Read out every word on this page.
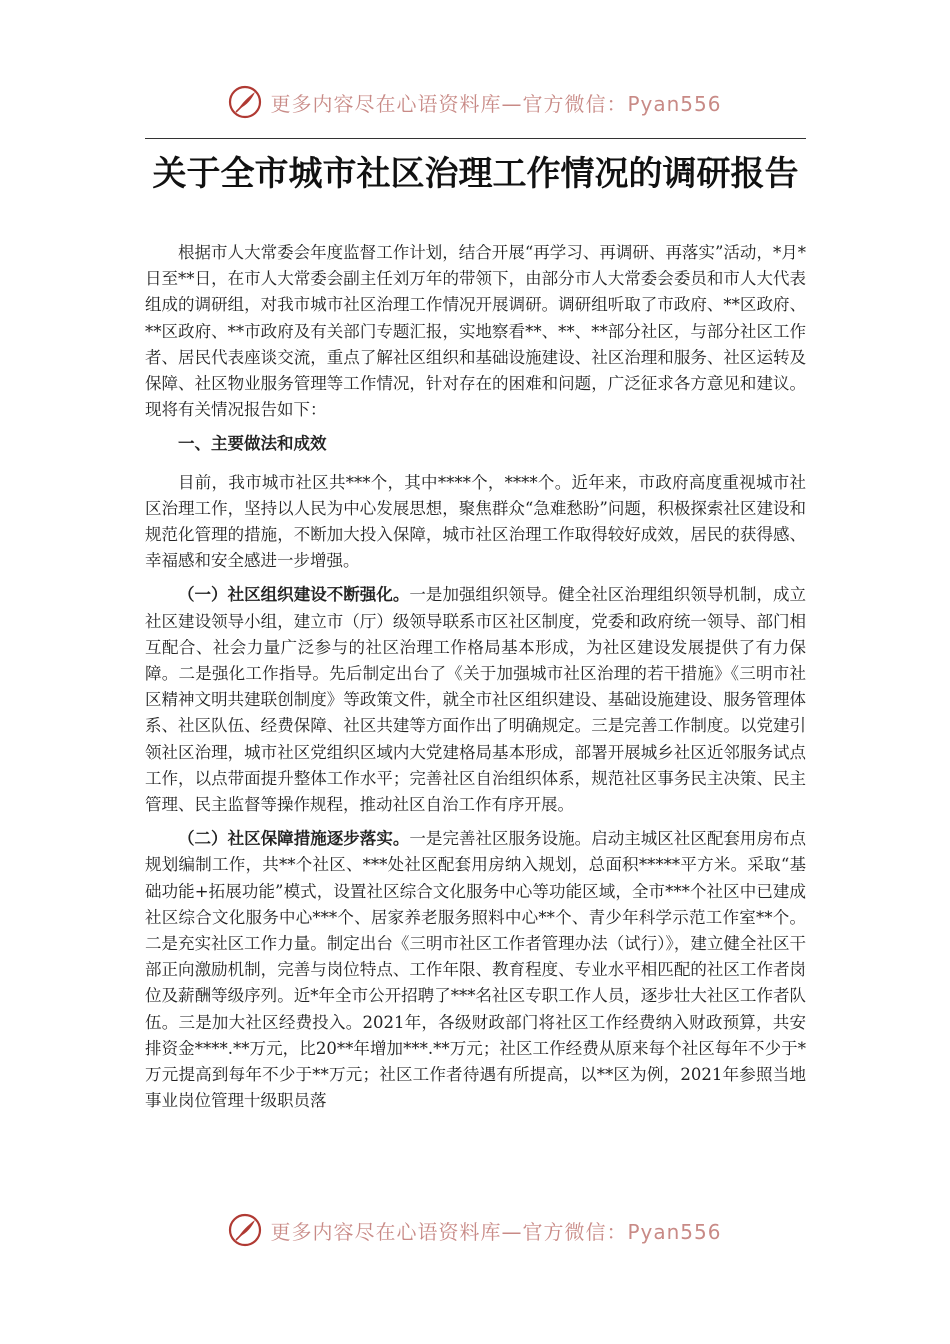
更多内容尽在心语资料库—官方微信：Pyan556
关于全市城市社区治理工作情况的调研报告

根据市人大常委会年度监督工作计划，结合开展“再学习、再调研、再落实”活动，*月*日至**日，在市人大常委会副主任刘万年的带领下，由部分市人大常委会委员和市人大代表组成的调研组，对我市城市社区治理工作情况开展调研。调研组听取了市政府、**区政府、**区政府、**市政府及有关部门专题汇报，实地察看**、**、**部分社区，与部分社区工作者、居民代表座谈交流，重点了解社区组织和基础设施建设、社区治理和服务、社区运转及保障、社区物业服务管理等工作情况，针对存在的困难和问题，广泛征求各方意见和建议。现将有关情况报告如下：

一、主要做法和成效

目前，我市城市社区共***个，其中****个，****个。近年来，市政府高度重视城市社区治理工作，坚持以人民为中心发展思想，聚焦群众“急难愁盼”问题，积极探索社区建设和规范化管理的措施，不断加大投入保障，城市社区治理工作取得较好成效，居民的获得感、幸福感和安全感进一步增强。

（一）社区组织建设不断强化。一是加强组织领导。健全社区治理组织领导机制，成立社区建设领导小组，建立市（厅）级领导联系市区社区制度，党委和政府统一领导、部门相互配合、社会力量广泛参与的社区治理工作格局基本形成，为社区建设发展提供了有力保障。二是强化工作指导。先后制定出台了《关于加强城市社区治理的若干措施》《三明市社区精神文明共建联创制度》等政策文件，就全市社区组织建设、基础设施建设、服务管理体系、社区队伍、经费保障、社区共建等方面作出了明确规定。三是完善工作制度。以党建引领社区治理，城市社区党组织区域内大党建格局基本形成，部署开展城乡社区近邻服务试点工作，以点带面提升整体工作水平；完善社区自治组织体系，规范社区事务民主决策、民主管理、民主监督等操作规程，推动社区自治工作有序开展。

（二）社区保障措施逐步落实。一是完善社区服务设施。启动主城区社区配套用房布点规划编制工作，共**个社区、***处社区配套用房纳入规划，总面积*****平方米。采取“基础功能+拓展功能”模式，设置社区综合文化服务中心等功能区域，全市***个社区中已建成社区综合文化服务中心***个、居家养老服务照料中心**个、青少年科学示范工作室**个。二是充实社区工作力量。制定出台《三明市社区工作者管理办法（试行）》，建立健全社区干部正向激励机制，完善与岗位特点、工作年限、教育程度、专业水平相匹配的社区工作者岗位及薪酬等级序列。近*年全市公开招聘了***名社区专职工作人员，逐步壮大社区工作者队伍。三是加大社区经费投入。2021年，各级财政部门将社区工作经费纳入财政预算，共安排资金****.**万元，比20**年增加***.**万元；社区工作经费从原来每个社区每年不少于*万元提高到每年不少于**万元；社区工作者待遇有所提高，以**区为例，2021年参照当地事业岗位管理十级职员落

更多内容尽在心语资料库—官方微信：Pyan556
